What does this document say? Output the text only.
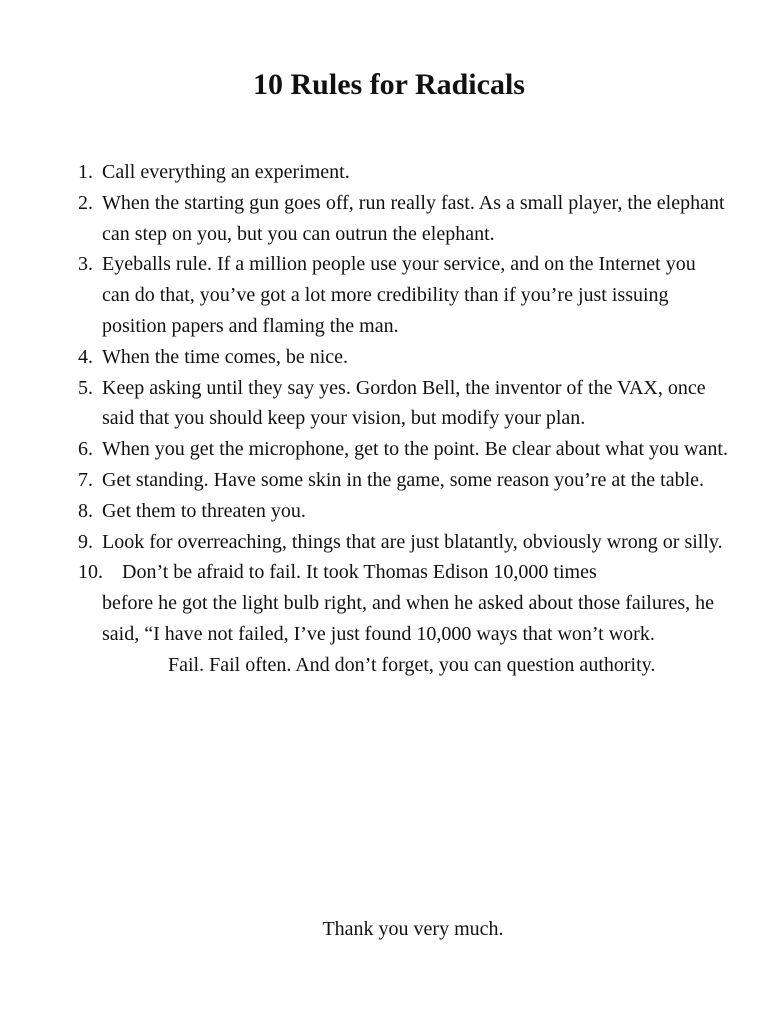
10 Rules for Radicals
1. Call everything an experiment.
2. When the starting gun goes off, run really fast. As a small player, the elephant can step on you, but you can outrun the elephant.
3. Eyeballs rule. If a million people use your service, and on the Internet you can do that, you’ve got a lot more credibility than if you’re just issuing position papers and flaming the man.
4. When the time comes, be nice.
5. Keep asking until they say yes. Gordon Bell, the inventor of the VAX, once said that you should keep your vision, but modify your plan.
6. When you get the microphone, get to the point. Be clear about what you want.
7. Get standing. Have some skin in the game, some reason you’re at the table.
8. Get them to threaten you.
9. Look for overreaching, things that are just blatantly, obviously wrong or silly.
10. Don’t be afraid to fail. It took Thomas Edison 10,000 times
before he got the light bulb right, and when he asked about those failures, he said, “I have not failed, I’ve just found 10,000 ways that won’t work.
Fail. Fail often. And don’t forget, you can question authority.

Thank you very much.
